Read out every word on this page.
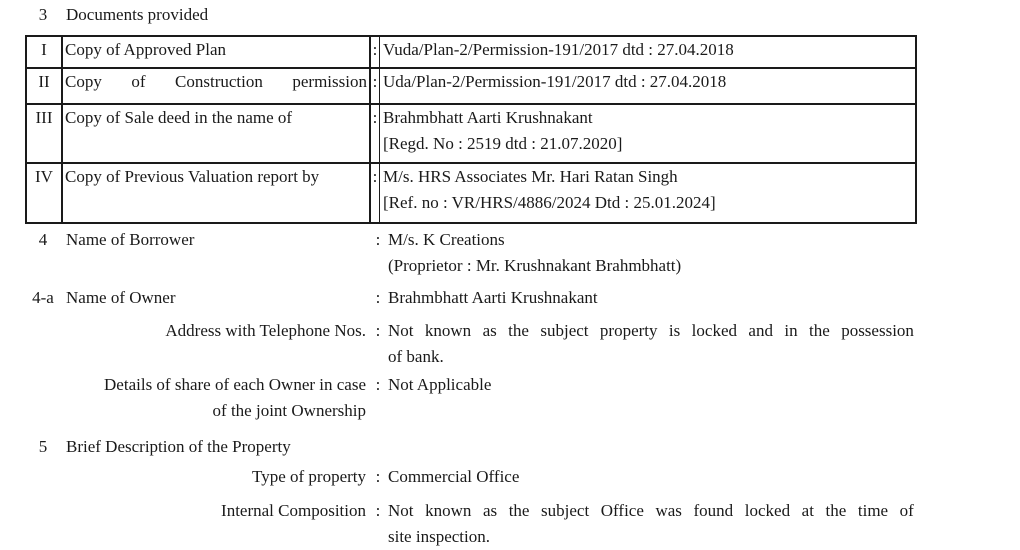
3	Documents provided
I	Copy of Approved Plan	:	Vuda/Plan-2/Permission-191/2017 dtd : 27.04.2018
II	Copy of Construction permission	:	Uda/Plan-2/Permission-191/2017 dtd : 27.04.2018
III	Copy of Sale deed in the name of	:	Brahmbhatt Aarti Krushnakant
[Regd. No : 2519 dtd : 21.07.2020]

IV	Copy of Previous Valuation report by	:	M/s. HRS Associates Mr. Hari Ratan Singh
[Ref. no : VR/HRS/4886/2024 Dtd : 25.01.2024]
4	Name of Borrower	: M/s. K Creations
(Proprietor : Mr. Krushnakant Brahmbhatt)
4-a Name of Owner	: Brahmbhatt Aarti Krushnakant
Address with Telephone Nos. : Not known as the subject property is locked and in the possession
of bank.
Details of share of each Owner in case
of the joint Ownership
: Not Applicable
5	Brief Description of the Property
Type of property : Commercial Office
Internal Composition : Not known as the subject Office was found locked at the time of
site inspection.
